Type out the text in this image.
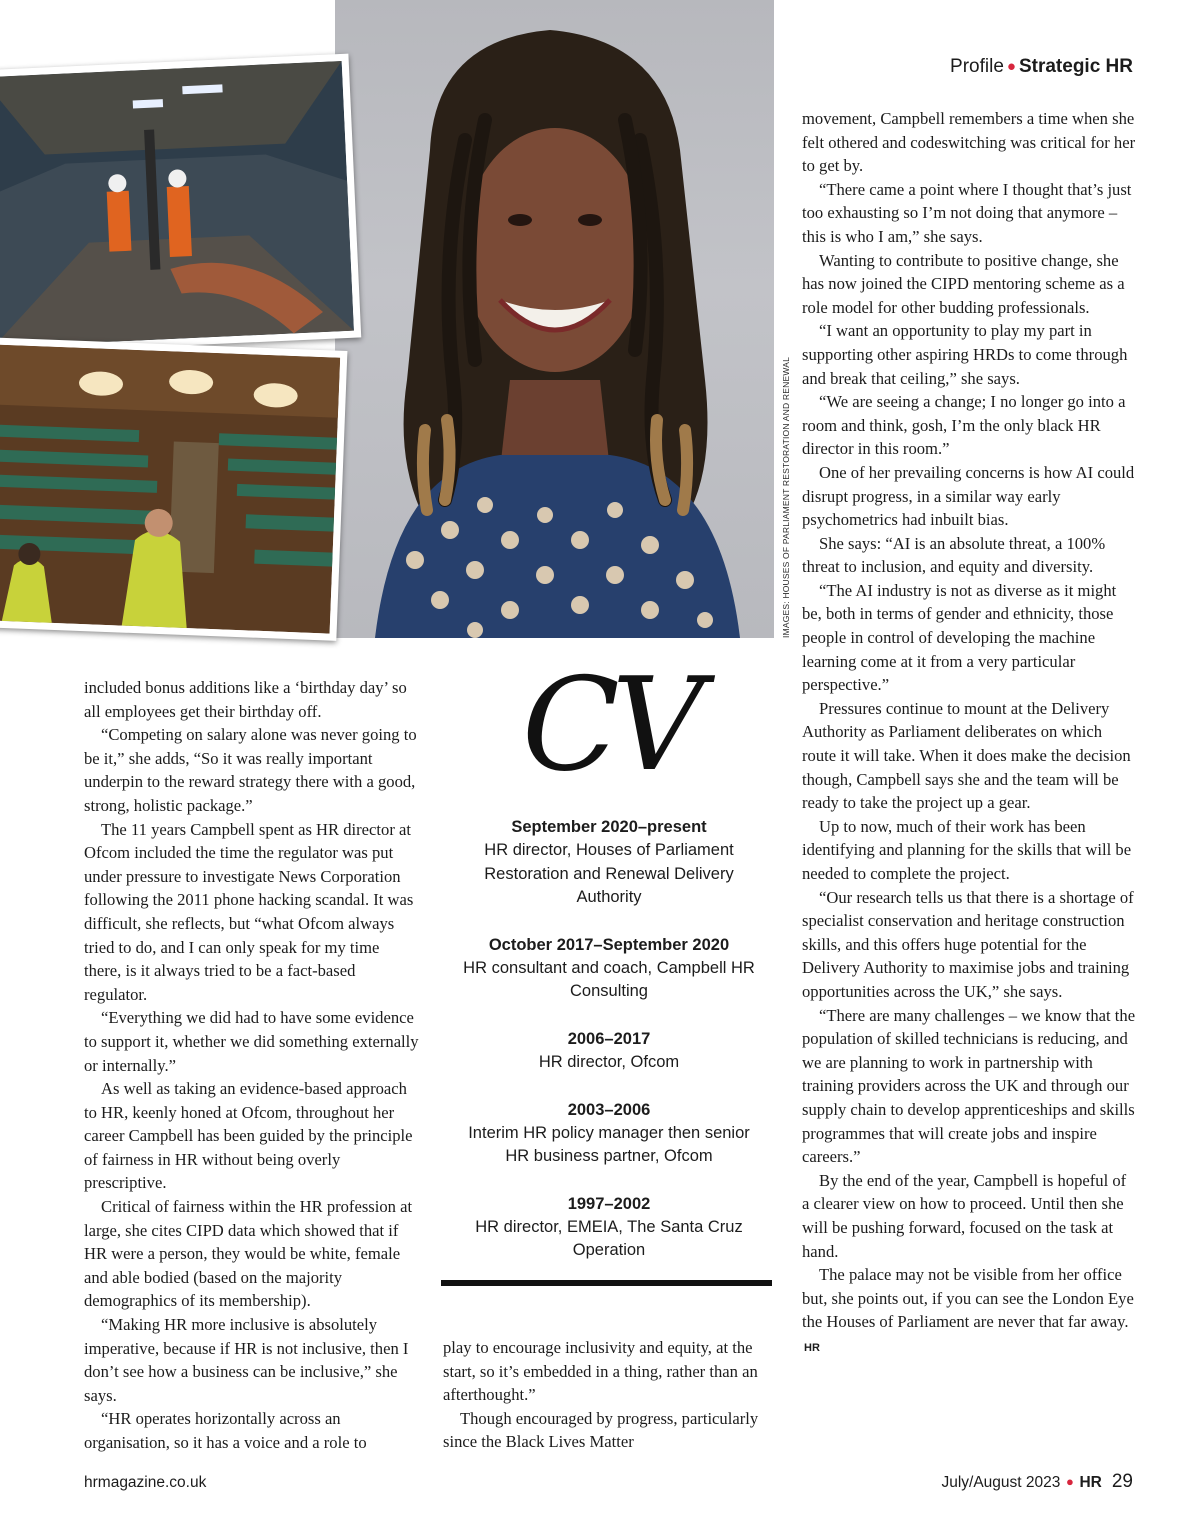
Profile ● Strategic HR
IMAGES: HOUSES OF PARLIAMENT RESTORATION AND RENEWAL

included bonus additions like a ‘birthday day’ so all employees get their birthday off.

“Competing on salary alone was never going to be it,” she adds, “So it was really important underpin to the reward strategy there with a good, strong, holistic package.”

The 11 years Campbell spent as HR director at Ofcom included the time the regulator was put under pressure to investigate News Corporation following the 2011 phone hacking scandal. It was difficult, she reflects, but “what Ofcom always tried to do, and I can only speak for my time there, is it always tried to be a fact-based regulator.

“Everything we did had to have some evidence to support it, whether we did something externally or internally.”

As well as taking an evidence-based approach to HR, keenly honed at Ofcom, throughout her career Campbell has been guided by the principle of fairness in HR without being overly prescriptive.

Critical of fairness within the HR profession at large, she cites CIPD data which showed that if HR were a person, they would be white, female and able bodied (based on the majority demographics of its membership).

“Making HR more inclusive is absolutely imperative, because if HR is not inclusive, then I don’t see how a business can be inclusive,” she says.

“HR operates horizontally across an organisation, so it has a voice and a role to

CV
September 2020–present
HR director, Houses of Parliament Restoration and Renewal Delivery Authority
October 2017–September 2020
HR consultant and coach, Campbell HR Consulting
2006–2017
HR director, Ofcom
2003–2006
Interim HR policy manager then senior HR business partner, Ofcom
1997–2002
HR director, EMEIA, The Santa Cruz Operation

play to encourage inclusivity and equity, at the start, so it’s embedded in a thing, rather than an afterthought.”

Though encouraged by progress, particularly since the Black Lives Matter

movement, Campbell remembers a time when she felt othered and codeswitching was critical for her to get by.

“There came a point where I thought that’s just too exhausting so I’m not doing that anymore – this is who I am,” she says.

Wanting to contribute to positive change, she has now joined the CIPD mentoring scheme as a role model for other budding professionals.

“I want an opportunity to play my part in supporting other aspiring HRDs to come through and break that ceiling,” she says.

“We are seeing a change; I no longer go into a room and think, gosh, I’m the only black HR director in this room.”

One of her prevailing concerns is how AI could disrupt progress, in a similar way early psychometrics had inbuilt bias.

She says: “AI is an absolute threat, a 100% threat to inclusion, and equity and diversity.

“The AI industry is not as diverse as it might be, both in terms of gender and ethnicity, those people in control of developing the machine learning come at it from a very particular perspective.”

Pressures continue to mount at the Delivery Authority as Parliament deliberates on which route it will take. When it does make the decision though, Campbell says she and the team will be ready to take the project up a gear.

Up to now, much of their work has been identifying and planning for the skills that will be needed to complete the project.

“Our research tells us that there is a shortage of specialist conservation and heritage construction skills, and this offers huge potential for the Delivery Authority to maximise jobs and training opportunities across the UK,” she says.

“There are many challenges – we know that the population of skilled technicians is reducing, and we are planning to work in partnership with training providers across the UK and through our supply chain to develop apprenticeships and skills programmes that will create jobs and inspire careers.”

By the end of the year, Campbell is hopeful of a clearer view on how to proceed. Until then she will be pushing forward, focused on the task at hand.

The palace may not be visible from her office but, she points out, if you can see the London Eye the Houses of Parliament are never that far away. HR

hrmagazine.co.uk	July/August 2023 ● HR 29
